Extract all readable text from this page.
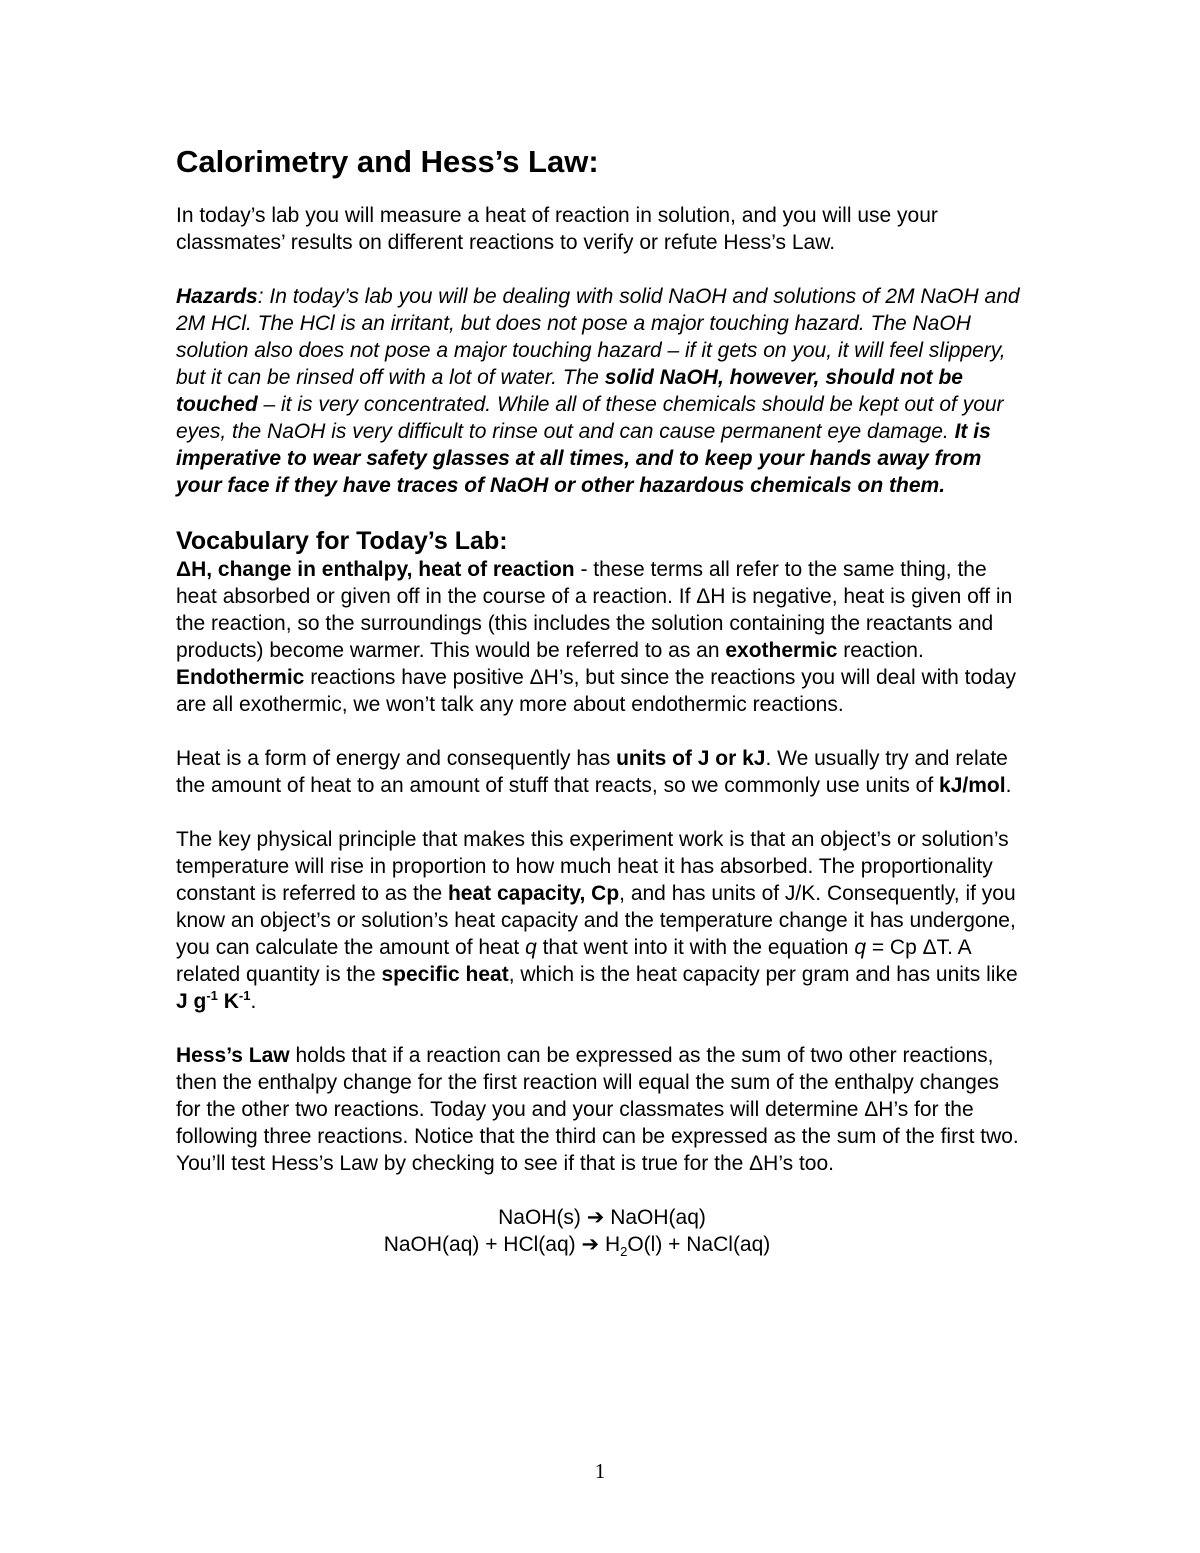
Calorimetry and Hess’s Law:

In today’s lab you will measure a heat of reaction in solution, and you will use your classmates’ results on different reactions to verify or refute Hess’s Law.

Hazards: In today’s lab you will be dealing with solid NaOH and solutions of 2M NaOH and 2M HCl. The HCl is an irritant, but does not pose a major touching hazard. The NaOH solution also does not pose a major touching hazard – if it gets on you, it will feel slippery, but it can be rinsed off with a lot of water. The solid NaOH, however, should not be touched – it is very concentrated. While all of these chemicals should be kept out of your eyes, the NaOH is very difficult to rinse out and can cause permanent eye damage. It is imperative to wear safety glasses at all times, and to keep your hands away from your face if they have traces of NaOH or other hazardous chemicals on them.

Vocabulary for Today’s Lab:

ΔH, change in enthalpy, heat of reaction - these terms all refer to the same thing, the heat absorbed or given off in the course of a reaction. If ΔH is negative, heat is given off in the reaction, so the surroundings (this includes the solution containing the reactants and products) become warmer. This would be referred to as an exothermic reaction. Endothermic reactions have positive ΔH’s, but since the reactions you will deal with today are all exothermic, we won’t talk any more about endothermic reactions.

Heat is a form of energy and consequently has units of J or kJ. We usually try and relate the amount of heat to an amount of stuff that reacts, so we commonly use units of kJ/mol.

The key physical principle that makes this experiment work is that an object’s or solution’s temperature will rise in proportion to how much heat it has absorbed. The proportionality constant is referred to as the heat capacity, Cp, and has units of J/K. Consequently, if you know an object’s or solution’s heat capacity and the temperature change it has undergone, you can calculate the amount of heat q that went into it with the equation q = Cp ΔT. A related quantity is the specific heat, which is the heat capacity per gram and has units like J $g^{-1}$ $K^{-1}$.

Hess’s Law holds that if a reaction can be expressed as the sum of two other reactions, then the enthalpy change for the first reaction will equal the sum of the enthalpy changes for the other two reactions. Today you and your classmates will determine ΔH’s for the following three reactions. Notice that the third can be expressed as the sum of the first two. You’ll test Hess’s Law by checking to see if that is true for the ΔH’s too.

NaOH(s) ➔ NaOH(aq)
NaOH(aq) + HCl(aq) ➔ $H_2O(l)$ + NaCl(aq)
1
